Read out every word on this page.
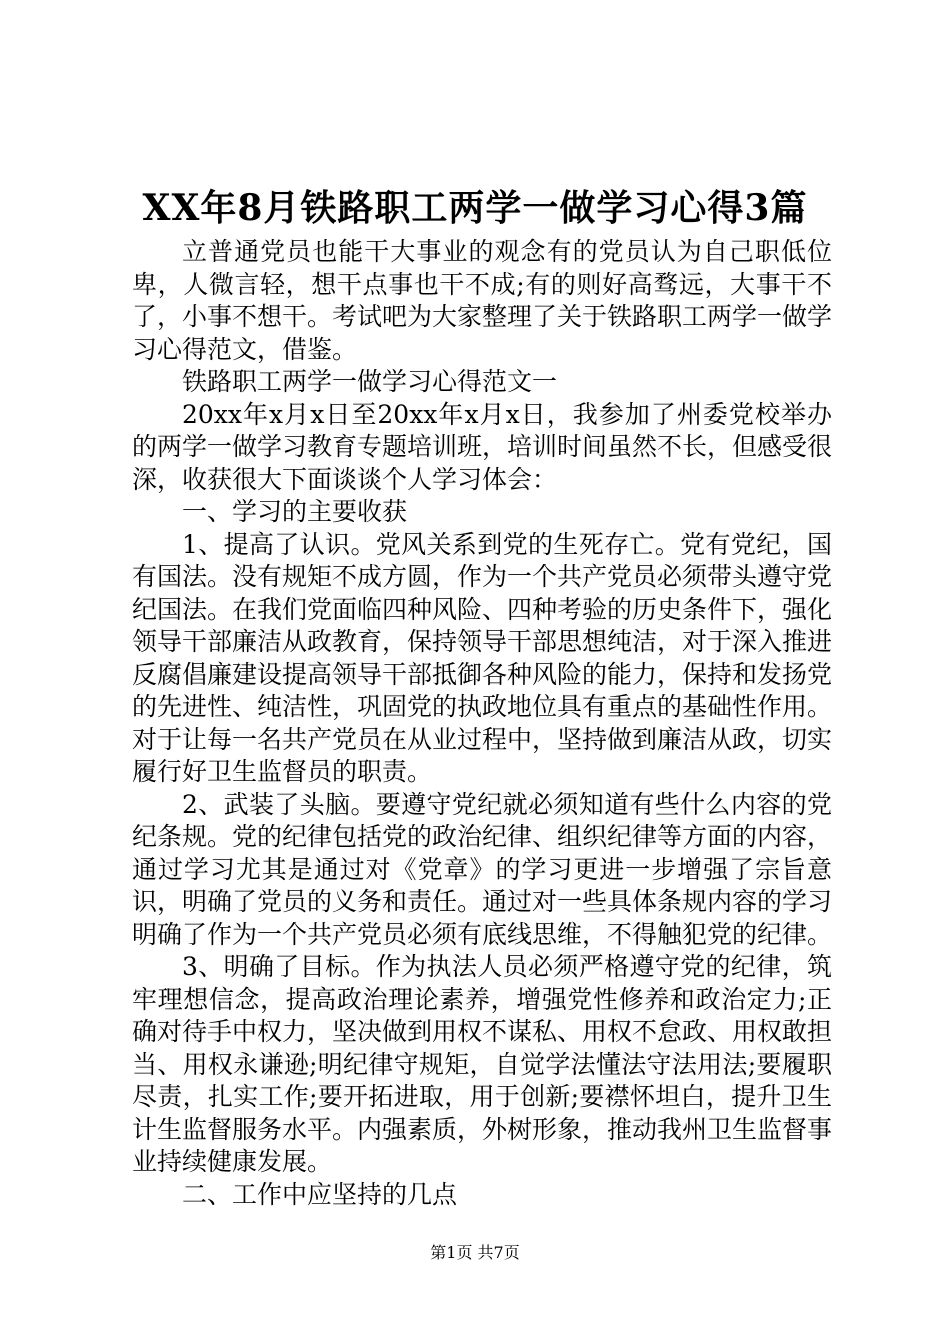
XX年8月铁路职工两学一做学习心得3篇

立普通党员也能干大事业的观念有的党员认为自己职低位卑，人微言轻，想干点事也干不成;有的则好高骛远，大事干不了，小事不想干。考试吧为大家整理了关于铁路职工两学一做学习心得范文，借鉴。

铁路职工两学一做学习心得范文一

20xx年x月x日至20xx年x月x日，我参加了州委党校举办的两学一做学习教育专题培训班，培训时间虽然不长，但感受很深，收获很大下面谈谈个人学习体会：

一、学习的主要收获

1、提高了认识。党风关系到党的生死存亡。党有党纪，国有国法。没有规矩不成方圆，作为一个共产党员必须带头遵守党纪国法。在我们党面临四种风险、四种考验的历史条件下，强化领导干部廉洁从政教育，保持领导干部思想纯洁，对于深入推进反腐倡廉建设提高领导干部抵御各种风险的能力，保持和发扬党的先进性、纯洁性，巩固党的执政地位具有重点的基础性作用。对于让每一名共产党员在从业过程中，坚持做到廉洁从政，切实履行好卫生监督员的职责。

2、武装了头脑。要遵守党纪就必须知道有些什么内容的党纪条规。党的纪律包括党的政治纪律、组织纪律等方面的内容，通过学习尤其是通过对《党章》的学习更进一步增强了宗旨意识，明确了党员的义务和责任。通过对一些具体条规内容的学习明确了作为一个共产党员必须有底线思维，不得触犯党的纪律。

3、明确了目标。作为执法人员必须严格遵守党的纪律，筑牢理想信念，提高政治理论素养，增强党性修养和政治定力;正确对待手中权力，坚决做到用权不谋私、用权不怠政、用权敢担当、用权永谦逊;明纪律守规矩，自觉学法懂法守法用法;要履职尽责，扎实工作;要开拓进取，用于创新;要襟怀坦白，提升卫生计生监督服务水平。内强素质，外树形象，推动我州卫生监督事业持续健康发展。

二、工作中应坚持的几点

第1页 共7页
